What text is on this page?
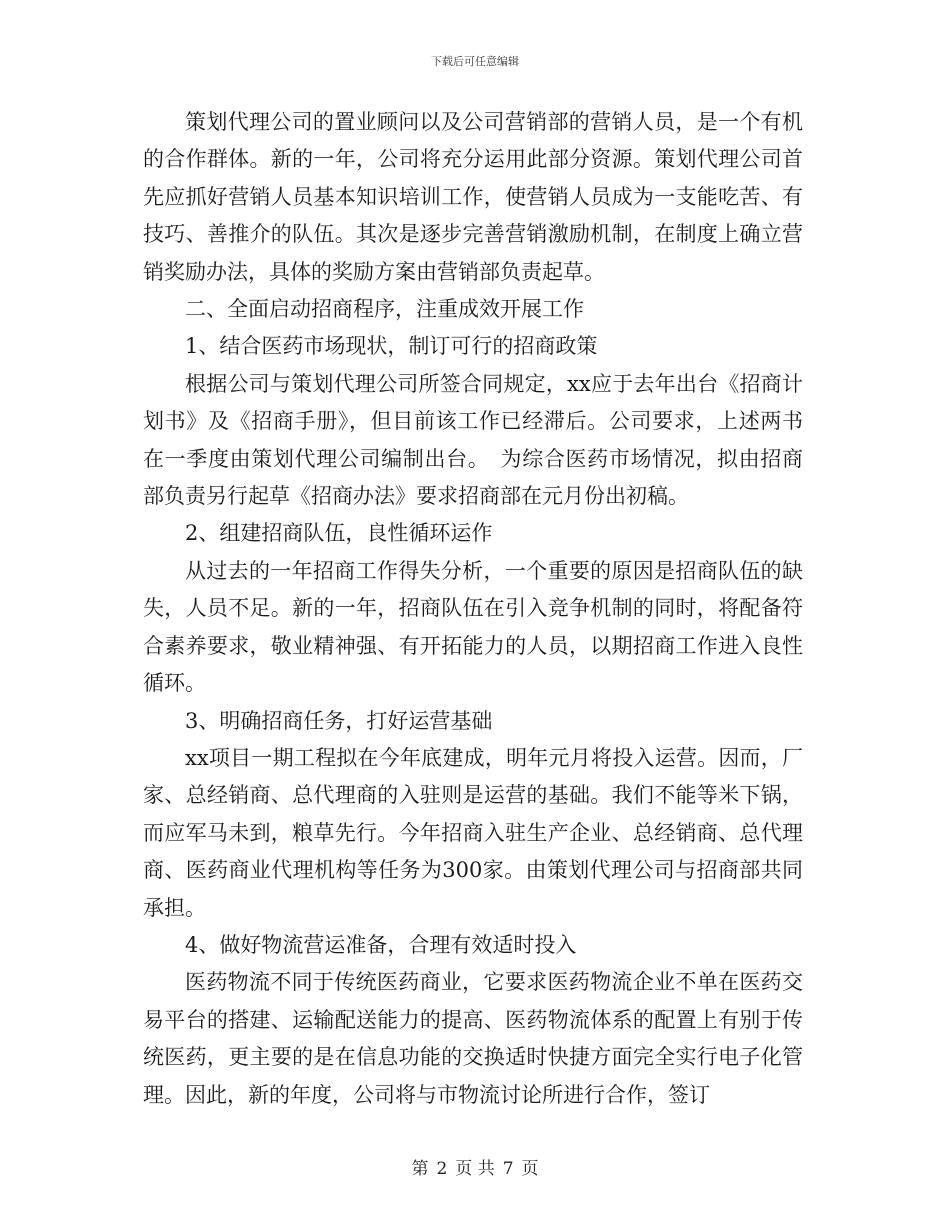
下载后可任意编辑

策划代理公司的置业顾问以及公司营销部的营销人员，是一个有机的合作群体。新的一年，公司将充分运用此部分资源。策划代理公司首先应抓好营销人员基本知识培训工作，使营销人员成为一支能吃苦、有技巧、善推介的队伍。其次是逐步完善营销激励机制，在制度上确立营销奖励办法，具体的奖励方案由营销部负责起草。

二、全面启动招商程序，注重成效开展工作

1、结合医药市场现状，制订可行的招商政策

根据公司与策划代理公司所签合同规定，xx应于去年出台《招商计划书》及《招商手册》，但目前该工作已经滞后。公司要求，上述两书在一季度由策划代理公司编制出台。　为综合医药市场情况，拟由招商部负责另行起草《招商办法》要求招商部在元月份出初稿。

2、组建招商队伍，良性循环运作

从过去的一年招商工作得失分析，一个重要的原因是招商队伍的缺失，人员不足。新的一年，招商队伍在引入竞争机制的同时，将配备符合素养要求，敬业精神强、有开拓能力的人员，以期招商工作进入良性循环。

3、明确招商任务，打好运营基础

xx项目一期工程拟在今年底建成，明年元月将投入运营。因而，厂家、总经销商、总代理商的入驻则是运营的基础。我们不能等米下锅，而应军马未到，粮草先行。今年招商入驻生产企业、总经销商、总代理商、医药商业代理机构等任务为300家。由策划代理公司与招商部共同承担。

4、做好物流营运准备，合理有效适时投入

医药物流不同于传统医药商业，它要求医药物流企业不单在医药交易平台的搭建、运输配送能力的提高、医药物流体系的配置上有别于传统医药，更主要的是在信息功能的交换适时快捷方面完全实行电子化管理。因此，新的年度，公司将与市物流讨论所进行合作，签订

第 2 页 共 7 页
